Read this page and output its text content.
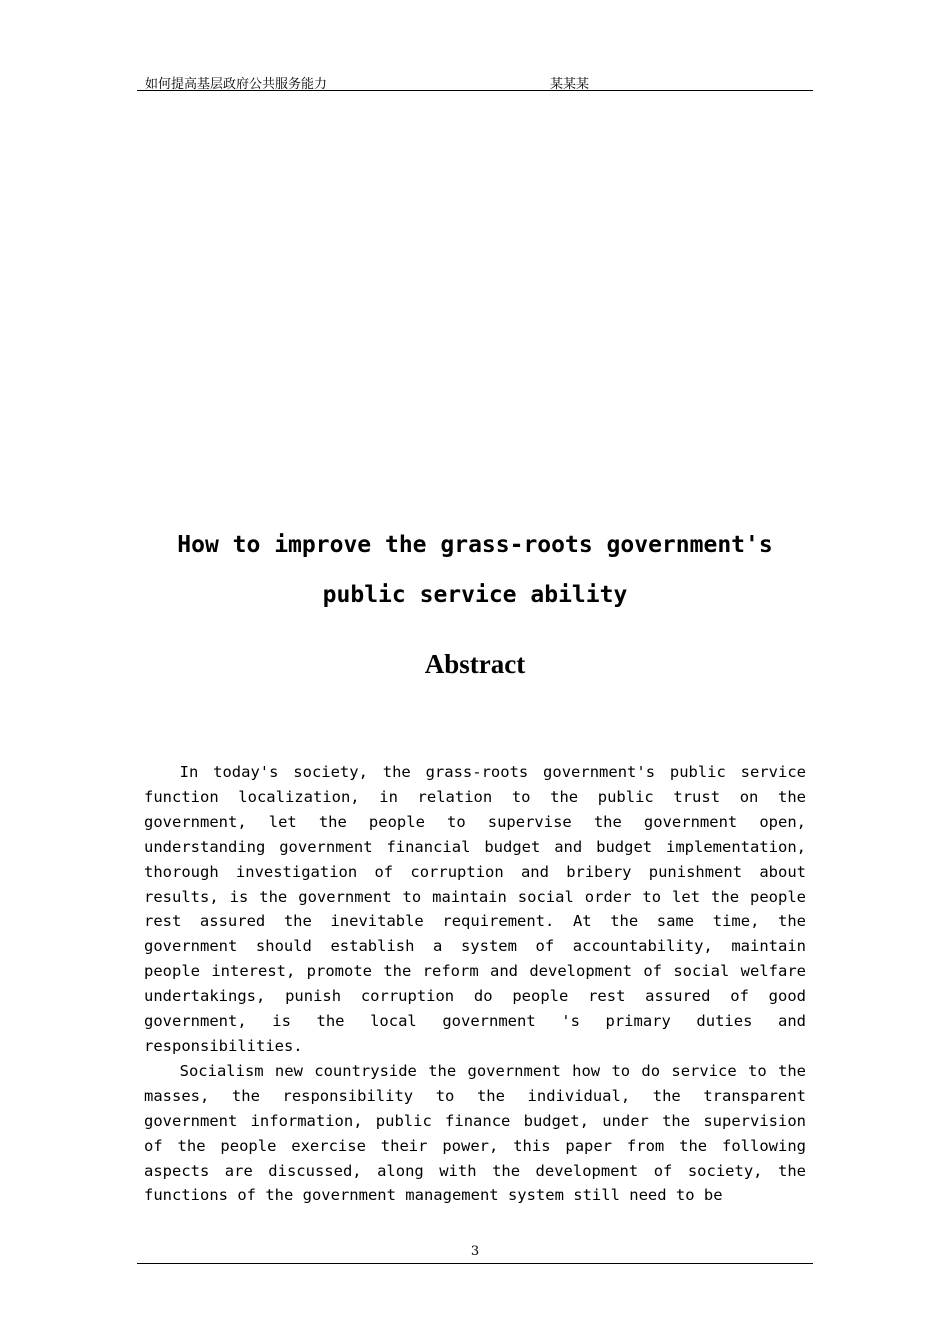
如何提高基层政府公共服务能力	某某某
How to improve the grass-roots government's
public service ability
Abstract

In today's society, the grass-roots government's public service function localization, in relation to the public trust on the government, let the people to supervise the government open, understanding government financial budget and budget implementation, thorough investigation of corruption and bribery punishment about results, is the government to maintain social order to let the people rest assured the inevitable requirement. At the same time, the government should establish a system of accountability, maintain people interest, promote the reform and development of social welfare undertakings, punish corruption do people rest assured of good government, is the local government 's primary duties and responsibilities.

Socialism new countryside the government how to do service to the masses, the responsibility to the individual, the transparent government information, public finance budget, under the supervision of the people exercise their power, this paper from the following aspects are discussed, along with the development of society, the functions of the government management system still need to be

3
